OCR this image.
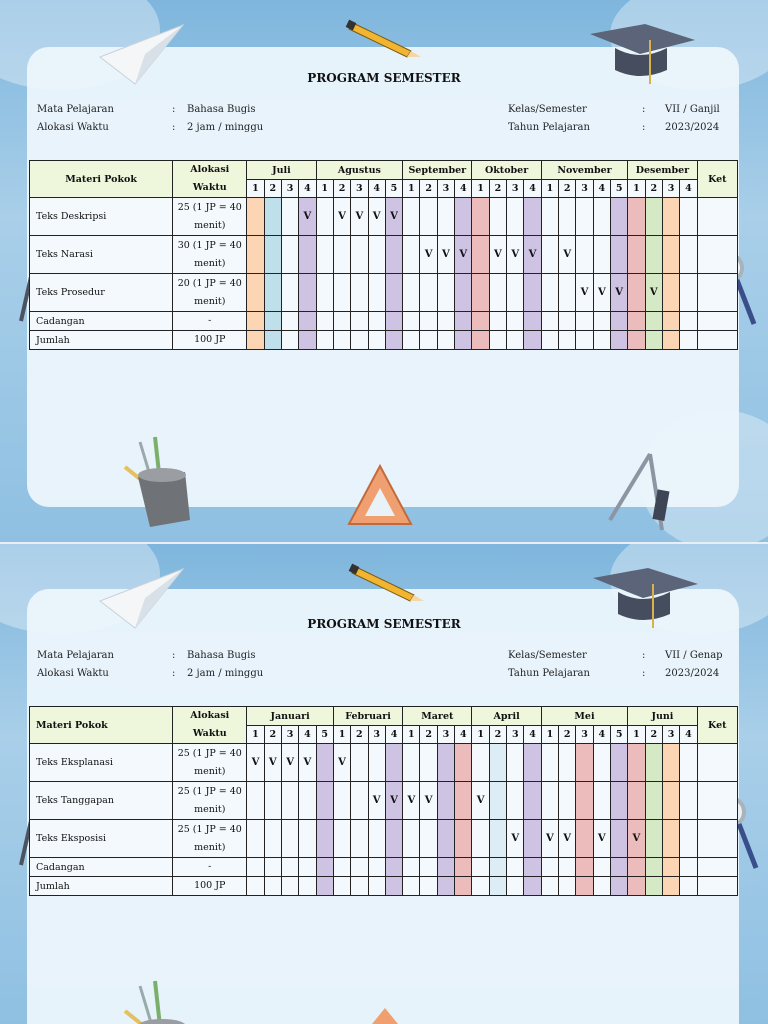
PROGRAM SEMESTER
Mata Pelajaran	: Bahasa Bugis
Alokasi Waktu	: 2 jam / minggu
Kelas/Semester	: VII / Ganjil
Tahun Pelajaran	: 2023/2024
Materi Pokok	Alokasi Waktu	Juli				Agustus					September				Oktober				November					Desember				Ket
		1	2	3	4	1	2	3	4	5	1	2	3	4	1	2	3	4	1	2	3	4	5	1	2	3	4	
Teks Deskripsi	25 (1 JP = 40 menit)				V		V	V	V	V																		
Teks Narasi	30 (1 JP = 40 menit)											V	V	V		V	V	V		V								
Teks Prosedur	20 (1 JP = 40 menit)																				V	V	V		V			
Cadangan	-																											
Jumlah	100 JP																											
PROGRAM SEMESTER
Mata Pelajaran	: Bahasa Bugis
Alokasi Waktu	: 2 jam / minggu
Kelas/Semester	: VII / Genap
Tahun Pelajaran	: 2023/2024
Materi Pokok	Alokasi Waktu	Januari					Februari				Maret				April				Mei					Juni				Ket
		1	2	3	4	5	1	2	3	4	1	2	3	4	1	2	3	4	1	2	3	4	5	1	2	3	4	
Teks Eksplanasi	25 (1 JP = 40 menit)	V	V	V	V		V																					
Teks Tanggapan	25 (1 JP = 40 menit)								V	V	V	V			V													
Teks Eksposisi	25 (1 JP = 40 menit)																V		V	V		V		V				
Cadangan	-																											
Jumlah	100 JP																											
